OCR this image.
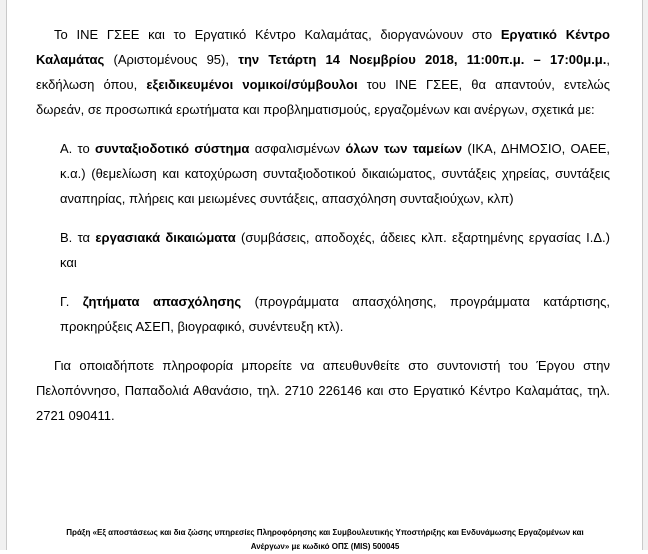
Το ΙΝΕ ΓΣΕΕ και το Εργατικό Κέντρο Καλαμάτας, διοργανώνουν στο Εργατικό Κέντρο Καλαμάτας (Αριστομένους 95), την Τετάρτη 14 Νοεμβρίου 2018, 11:00π.μ. – 17:00μ.μ., εκδήλωση όπου, εξειδικευμένοι νομικοί/σύμβουλοι του ΙΝΕ ΓΣΕΕ, θα απαντούν, εντελώς δωρεάν, σε προσωπικά ερωτήματα και προβληματισμούς, εργαζομένων και ανέργων, σχετικά με:

Α. το συνταξιοδοτικό σύστημα ασφαλισμένων όλων των ταμείων (ΙΚΑ, ΔΗΜΟΣΙΟ, ΟΑΕΕ, κ.α.) (θεμελίωση και κατοχύρωση συνταξιοδοτικού δικαιώματος, συντάξεις χηρείας, συντάξεις αναπηρίας, πλήρεις και μειωμένες συντάξεις, απασχόληση συνταξιούχων, κλπ)

Β. τα εργασιακά δικαιώματα (συμβάσεις, αποδοχές, άδειες κλπ. εξαρτημένης εργασίας Ι.Δ.) και

Γ. ζητήματα απασχόλησης (προγράμματα απασχόλησης, προγράμματα κατάρτισης, προκηρύξεις ΑΣΕΠ, βιογραφικό, συνέντευξη κτλ).

Για οποιαδήποτε πληροφορία μπορείτε να απευθυνθείτε στο συντονιστή του Έργου στην Πελοπόννησο, Παπαδολιά Αθανάσιο, τηλ. 2710 226146 και στο Εργατικό Κέντρο Καλαμάτας, τηλ. 2721 090411.

Πράξη «Εξ αποστάσεως και δια ζώσης υπηρεσίες Πληροφόρησης και Συμβουλευτικής Υποστήριξης και Ενδυνάμωσης Εργαζομένων και
Ανέργων» με κωδικό ΟΠΣ (MIS) 500045
